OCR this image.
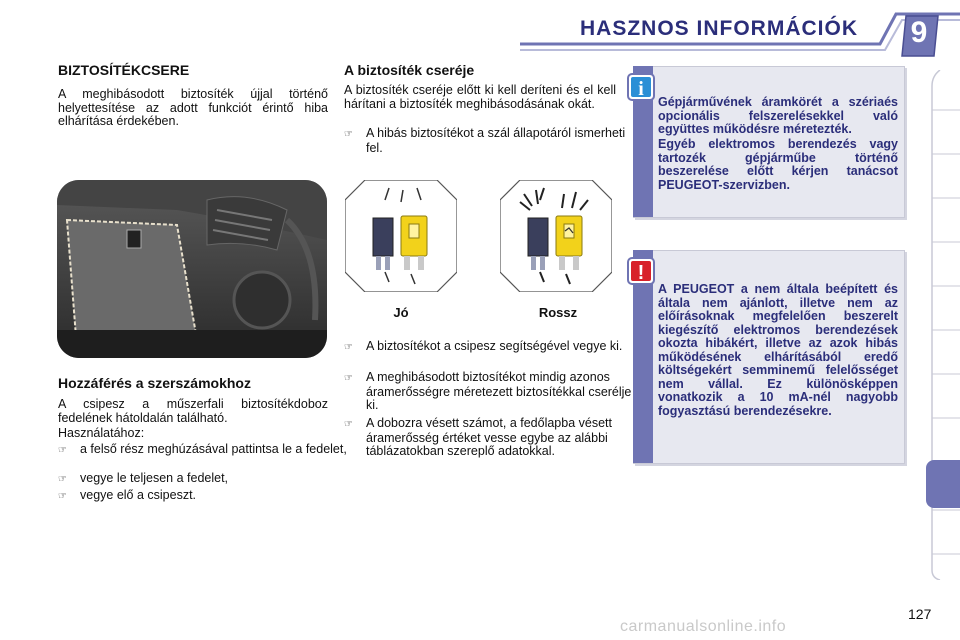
HASZNOS INFORMÁCIÓK	9
BIZTOSÍTÉKCSERE
A meghibásodott biztosíték újjal történő helyettesítése az adott funkciót érintő hiba elhárítása érdekében.
Hozzáférés a szerszámokhoz
A csipesz a műszerfali biztosítékdoboz fedelének hátoldalán található.
Használatához:
☞ a felső rész meghúzásával pattintsa le a fedelet,
☞ vegye le teljesen a fedelet,
☞ vegye elő a csipeszt.
A biztosíték cseréje
A biztosíték cseréje előtt ki kell deríteni és el kell hárítani a biztosíték meghibásodásának okát.
☞ A hibás biztosítékot a szál állapotáról ismerheti fel.
Jó	Rossz
☞ A biztosítékot a csipesz segítségével vegye ki.
☞ A meghibásodott biztosítékot mindig azonos áramerősségre méretezett biztosítékkal cserélje ki.
☞ A dobozra vésett számot, a fedőlapba vésett áramerősség értéket vesse egybe az alábbi táblázatokban szereplő adatokkal.
i
Gépjárművének áramkörét a szériaés opcionális felszerelésekkel való együttes működésre méretezték.
Egyéb elektromos berendezés vagy tartozék gépjárműbe történő beszerelése előtt kérjen tanácsot PEUGEOT-szervizben.
!
A PEUGEOT a nem általa beépített és általa nem ajánlott, illetve nem az előírásoknak megfelelően beszerelt kiegészítő elektromos berendezések okozta hibákért, illetve az azok hibás működésének elhárításából eredő költségekért semminemű felelősséget nem vállal. Ez különösképpen vonatkozik a 10 mA-nél nagyobb fogyasztású berendezésekre.
127
carmanualsonline.info
